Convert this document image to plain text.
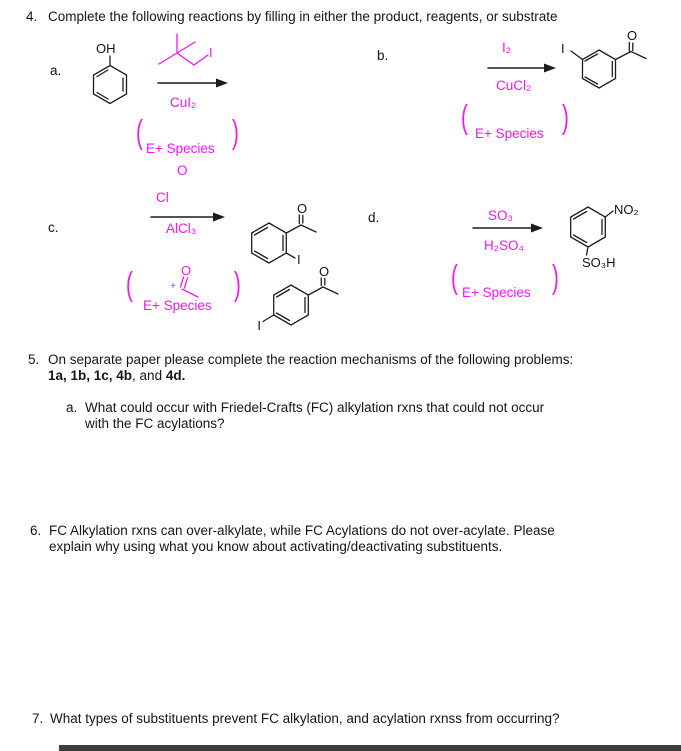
4. Complete the following reactions by filling in either the product, reagents, or substrate
a.
OH	I
CuI₂
( E+ Species )
O
Cl
b.
I₂
CuCl₂
I
O
( E+ Species )
c.	AlCl₃
O
I
O
I
(	O
+
E+ Species
)
d.	SO₃
H₂SO₄
NO₂
SO₃H
( E+ Species )
5. On separate paper please complete the reaction mechanisms of the following problems:
1a, 1b, 1c, 4b, and 4d.
a. What could occur with Friedel-Crafts (FC) alkylation rxns that could not occur
with the FC acylations?
6. FC Alkylation rxns can over-alkylate, while FC Acylations do not over-acylate. Please
explain why using what you know about activating/deactivating substituents.
7. What types of substituents prevent FC alkylation, and acylation rxnss from occurring?
